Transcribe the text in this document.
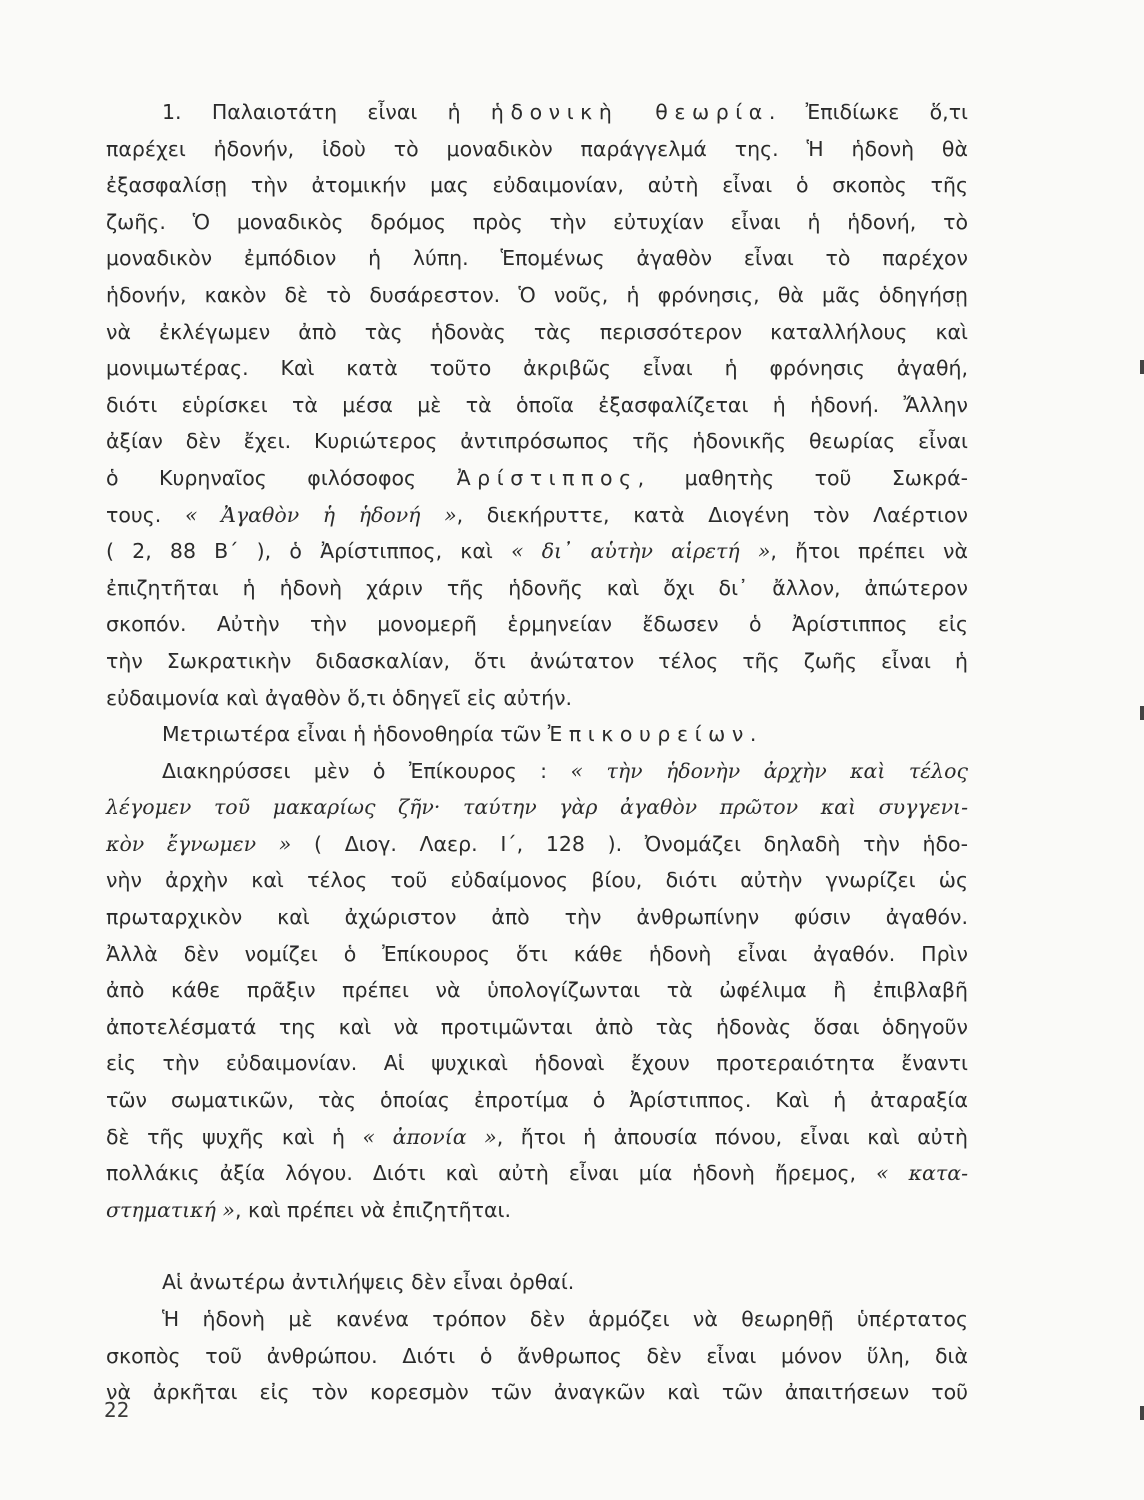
1. Παλαιοτάτη εἶναι ἡ ἡδονικὴ θεωρία. Ἐπιδίωκε ὅ,τι
παρέχει ἡδονήν, ἰδοὺ τὸ μοναδικὸν παράγγελμά της. Ἡ ἡδονὴ θὰ
ἐξασφαλίσῃ τὴν ἀτομικήν μας εὐδαιμονίαν, αὐτὴ εἶναι ὁ σκοπὸς τῆς
ζωῆς. Ὁ μοναδικὸς δρόμος πρὸς τὴν εὐτυχίαν εἶναι ἡ ἡδονή, τὸ
μοναδικὸν ἐμπόδιον ἡ λύπη. Ἑπομένως ἀγαθὸν εἶναι τὸ παρέχον
ἡδονήν, κακὸν δὲ τὸ δυσάρεστον. Ὁ νοῦς, ἡ φρόνησις, θὰ μᾶς ὁδηγήσῃ
νὰ ἐκλέγωμεν ἀπὸ τὰς ἡδονὰς τὰς περισσότερον καταλλήλους καὶ
μονιμωτέρας. Καὶ κατὰ τοῦτο ἀκριβῶς εἶναι ἡ φρόνησις ἀγαθή,
διότι εὑρίσκει τὰ μέσα μὲ τὰ ὁποῖα ἐξασφαλίζεται ἡ ἡδονή. Ἄλλην
ἀξίαν δὲν ἔχει. Κυριώτερος ἀντιπρόσωπος τῆς ἡδονικῆς θεωρίας εἶναι
ὁ Κυρηναῖος φιλόσοφος Ἀρίστιππος, μαθητὴς τοῦ Σωκρά-
τους. « Ἀγαθὸν ἡ ἡδονή », διεκήρυττε, κατὰ Διογένη τὸν Λαέρτιον
( 2, 88 Β΄ ), ὁ Ἀρίστιππος, καὶ « δι᾿ αὑτὴν αἱρετή », ἤτοι πρέπει νὰ
ἐπιζητῆται ἡ ἡδονὴ χάριν τῆς ἡδονῆς καὶ ὄχι δι᾿ ἄλλον, ἀπώτερον
σκοπόν. Αὐτὴν τὴν μονομερῆ ἑρμηνείαν ἔδωσεν ὁ Ἀρίστιππος εἰς
τὴν Σωκρατικὴν διδασκαλίαν, ὅτι ἀνώτατον τέλος τῆς ζωῆς εἶναι ἡ
εὐδαιμονία καὶ ἀγαθὸν ὅ,τι ὁδηγεῖ εἰς αὐτήν.
Μετριωτέρα εἶναι ἡ ἡδονοθηρία τῶν Ἐπικουρείων.
Διακηρύσσει μὲν ὁ Ἐπίκουρος : « τὴν ἡδονὴν ἀρχὴν καὶ τέλος
λέγομεν τοῦ μακαρίως ζῆν· ταύτην γὰρ ἀγαθὸν πρῶτον καὶ συγγενι-
κὸν ἔγνωμεν » ( Διογ. Λαερ. Ι΄, 128 ). Ὀνομάζει δηλαδὴ τὴν ἡδο-
νὴν ἀρχὴν καὶ τέλος τοῦ εὐδαίμονος βίου, διότι αὐτὴν γνωρίζει ὡς
πρωταρχικὸν καὶ ἀχώριστον ἀπὸ τὴν ἀνθρωπίνην φύσιν ἀγαθόν.
Ἀλλὰ δὲν νομίζει ὁ Ἐπίκουρος ὅτι κάθε ἡδονὴ εἶναι ἀγαθόν. Πρὶν
ἀπὸ κάθε πρᾶξιν πρέπει νὰ ὑπολογίζωνται τὰ ὠφέλιμα ἢ ἐπιβλαβῆ
ἀποτελέσματά της καὶ νὰ προτιμῶνται ἀπὸ τὰς ἡδονὰς ὅσαι ὁδηγοῦν
εἰς τὴν εὐδαιμονίαν. Αἱ ψυχικαὶ ἡδοναὶ ἔχουν προτεραιότητα ἔναντι
τῶν σωματικῶν, τὰς ὁποίας ἐπροτίμα ὁ Ἀρίστιππος. Καὶ ἡ ἀταραξία
δὲ τῆς ψυχῆς καὶ ἡ « ἀπονία », ἤτοι ἡ ἀπουσία πόνου, εἶναι καὶ αὐτὴ
πολλάκις ἀξία λόγου. Διότι καὶ αὐτὴ εἶναι μία ἡδονὴ ἤρεμος, « κατα-
στηματική », καὶ πρέπει νὰ ἐπιζητῆται.
Αἱ ἀνωτέρω ἀντιλήψεις δὲν εἶναι ὀρθαί.
Ἡ ἡδονὴ μὲ κανένα τρόπον δὲν ἁρμόζει νὰ θεωρηθῇ ὑπέρτατος
σκοπὸς τοῦ ἀνθρώπου. Διότι ὁ ἄνθρωπος δὲν εἶναι μόνον ὕλη, διὰ
νὰ ἀρκῆται εἰς τὸν κορεσμὸν τῶν ἀναγκῶν καὶ τῶν ἀπαιτήσεων τοῦ
22
